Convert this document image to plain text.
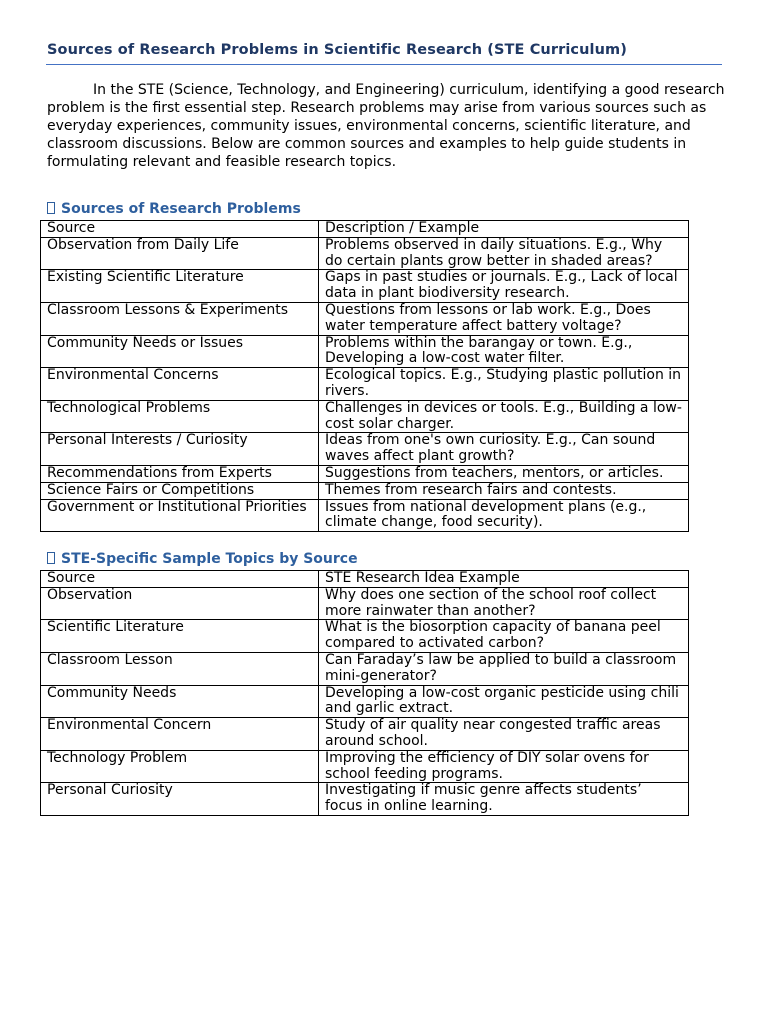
Sources of Research Problems in Scientific Research (STE Curriculum)

In the STE (Science, Technology, and Engineering) curriculum, identifying a good research problem is the first essential step. Research problems may arise from various sources such as everyday experiences, community issues, environmental concerns, scientific literature, and classroom discussions. Below are common sources and examples to help guide students in formulating relevant and feasible research topics.

Sources of Research Problems
Source	Description / Example
Observation from Daily Life	Problems observed in daily situations. E.g., Why do certain plants grow better in shaded areas?
Existing Scientific Literature	Gaps in past studies or journals. E.g., Lack of local data in plant biodiversity research.
Classroom Lessons & Experiments	Questions from lessons or lab work. E.g., Does water temperature affect battery voltage?
Community Needs or Issues	Problems within the barangay or town. E.g., Developing a low-cost water filter.
Environmental Concerns	Ecological topics. E.g., Studying plastic pollution in rivers.
Technological Problems	Challenges in devices or tools. E.g., Building a low-cost solar charger.
Personal Interests / Curiosity	Ideas from one's own curiosity. E.g., Can sound waves affect plant growth?
Recommendations from Experts	Suggestions from teachers, mentors, or articles.
Science Fairs or Competitions	Themes from research fairs and contests.
Government or Institutional Priorities	Issues from national development plans (e.g., climate change, food security).
STE-Specific Sample Topics by Source
Source	STE Research Idea Example
Observation	Why does one section of the school roof collect more rainwater than another?
Scientific Literature	What is the biosorption capacity of banana peel compared to activated carbon?
Classroom Lesson	Can Faraday’s law be applied to build a classroom mini-generator?
Community Needs	Developing a low-cost organic pesticide using chili and garlic extract.
Environmental Concern	Study of air quality near congested traffic areas around school.
Technology Problem	Improving the efficiency of DIY solar ovens for school feeding programs.
Personal Curiosity	Investigating if music genre affects students’ focus in online learning.
